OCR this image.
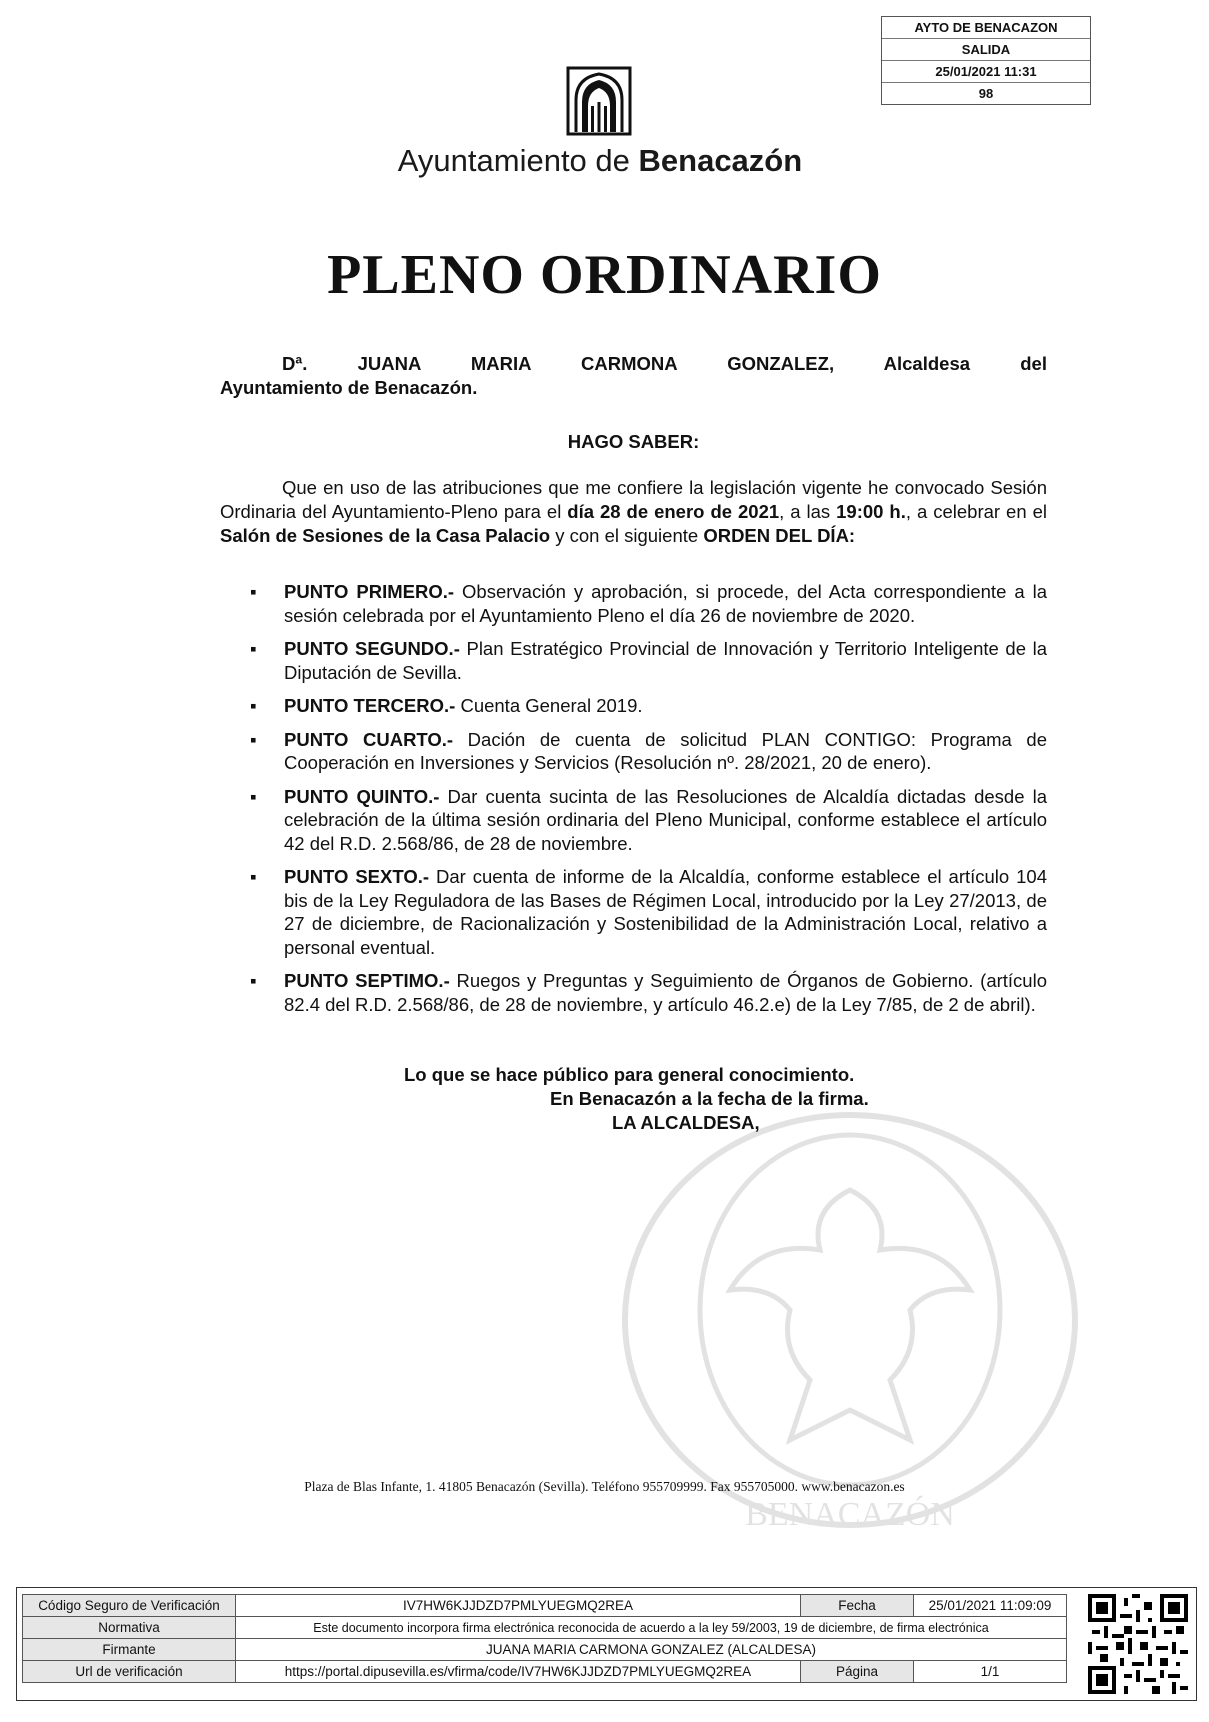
AYTO DE BENACAZON
SALIDA
25/01/2021 11:31
98
Ayuntamiento de Benacazón
PLENO ORDINARIO
Dª. JUANA MARIA CARMONA GONZALEZ, Alcaldesa del
Ayuntamiento de Benacazón.
HAGO SABER:
Que en uso de las atribuciones que me confiere la legislación vigente he convocado Sesión Ordinaria del Ayuntamiento-Pleno para el día 28 de enero de 2021, a las 19:00 h., a celebrar en el Salón de Sesiones de la Casa Palacio y con el siguiente ORDEN DEL DÍA:
▪ PUNTO PRIMERO.- Observación y aprobación, si procede, del Acta correspondiente a la sesión celebrada por el Ayuntamiento Pleno el día 26 de noviembre de 2020.
▪ PUNTO SEGUNDO.- Plan Estratégico Provincial de Innovación y Territorio Inteligente de la Diputación de Sevilla.
▪ PUNTO TERCERO.- Cuenta General 2019.
▪ PUNTO CUARTO.- Dación de cuenta de solicitud PLAN CONTIGO: Programa de Cooperación en Inversiones y Servicios (Resolución nº. 28/2021, 20 de enero).
▪ PUNTO QUINTO.- Dar cuenta sucinta de las Resoluciones de Alcaldía dictadas desde la celebración de la última sesión ordinaria del Pleno Municipal, conforme establece el artículo 42 del R.D. 2.568/86, de 28 de noviembre.
▪ PUNTO SEXTO.- Dar cuenta de informe de la Alcaldía, conforme establece el artículo 104 bis de la Ley Reguladora de las Bases de Régimen Local, introducido por la Ley 27/2013, de 27 de diciembre, de Racionalización y Sostenibilidad de la Administración Local, relativo a personal eventual.
▪ PUNTO SEPTIMO.- Ruegos y Preguntas y Seguimiento de Órganos de Gobierno. (artículo 82.4 del R.D. 2.568/86, de 28 de noviembre, y artículo 46.2.e) de la Ley 7/85, de 2 de abril).
BENACAZÓN
Lo que se hace público para general conocimiento.
En Benacazón a la fecha de la firma.
LA ALCALDESA,
Plaza de Blas Infante, 1. 41805 Benacazón (Sevilla). Teléfono 955709999. Fax 955705000. www.benacazon.es
Código Seguro de Verificación	IV7HW6KJJDZD7PMLYUEGMQ2REA	Fecha	25/01/2021 11:09:09
Normativa	Este documento incorpora firma electrónica reconocida de acuerdo a la ley 59/2003, 19 de diciembre, de firma electrónica		
Firmante	JUANA MARIA CARMONA GONZALEZ (ALCALDESA)		
Url de verificación	https://portal.dipusevilla.es/vfirma/code/IV7HW6KJJDZD7PMLYUEGMQ2REA	Página	1/1
